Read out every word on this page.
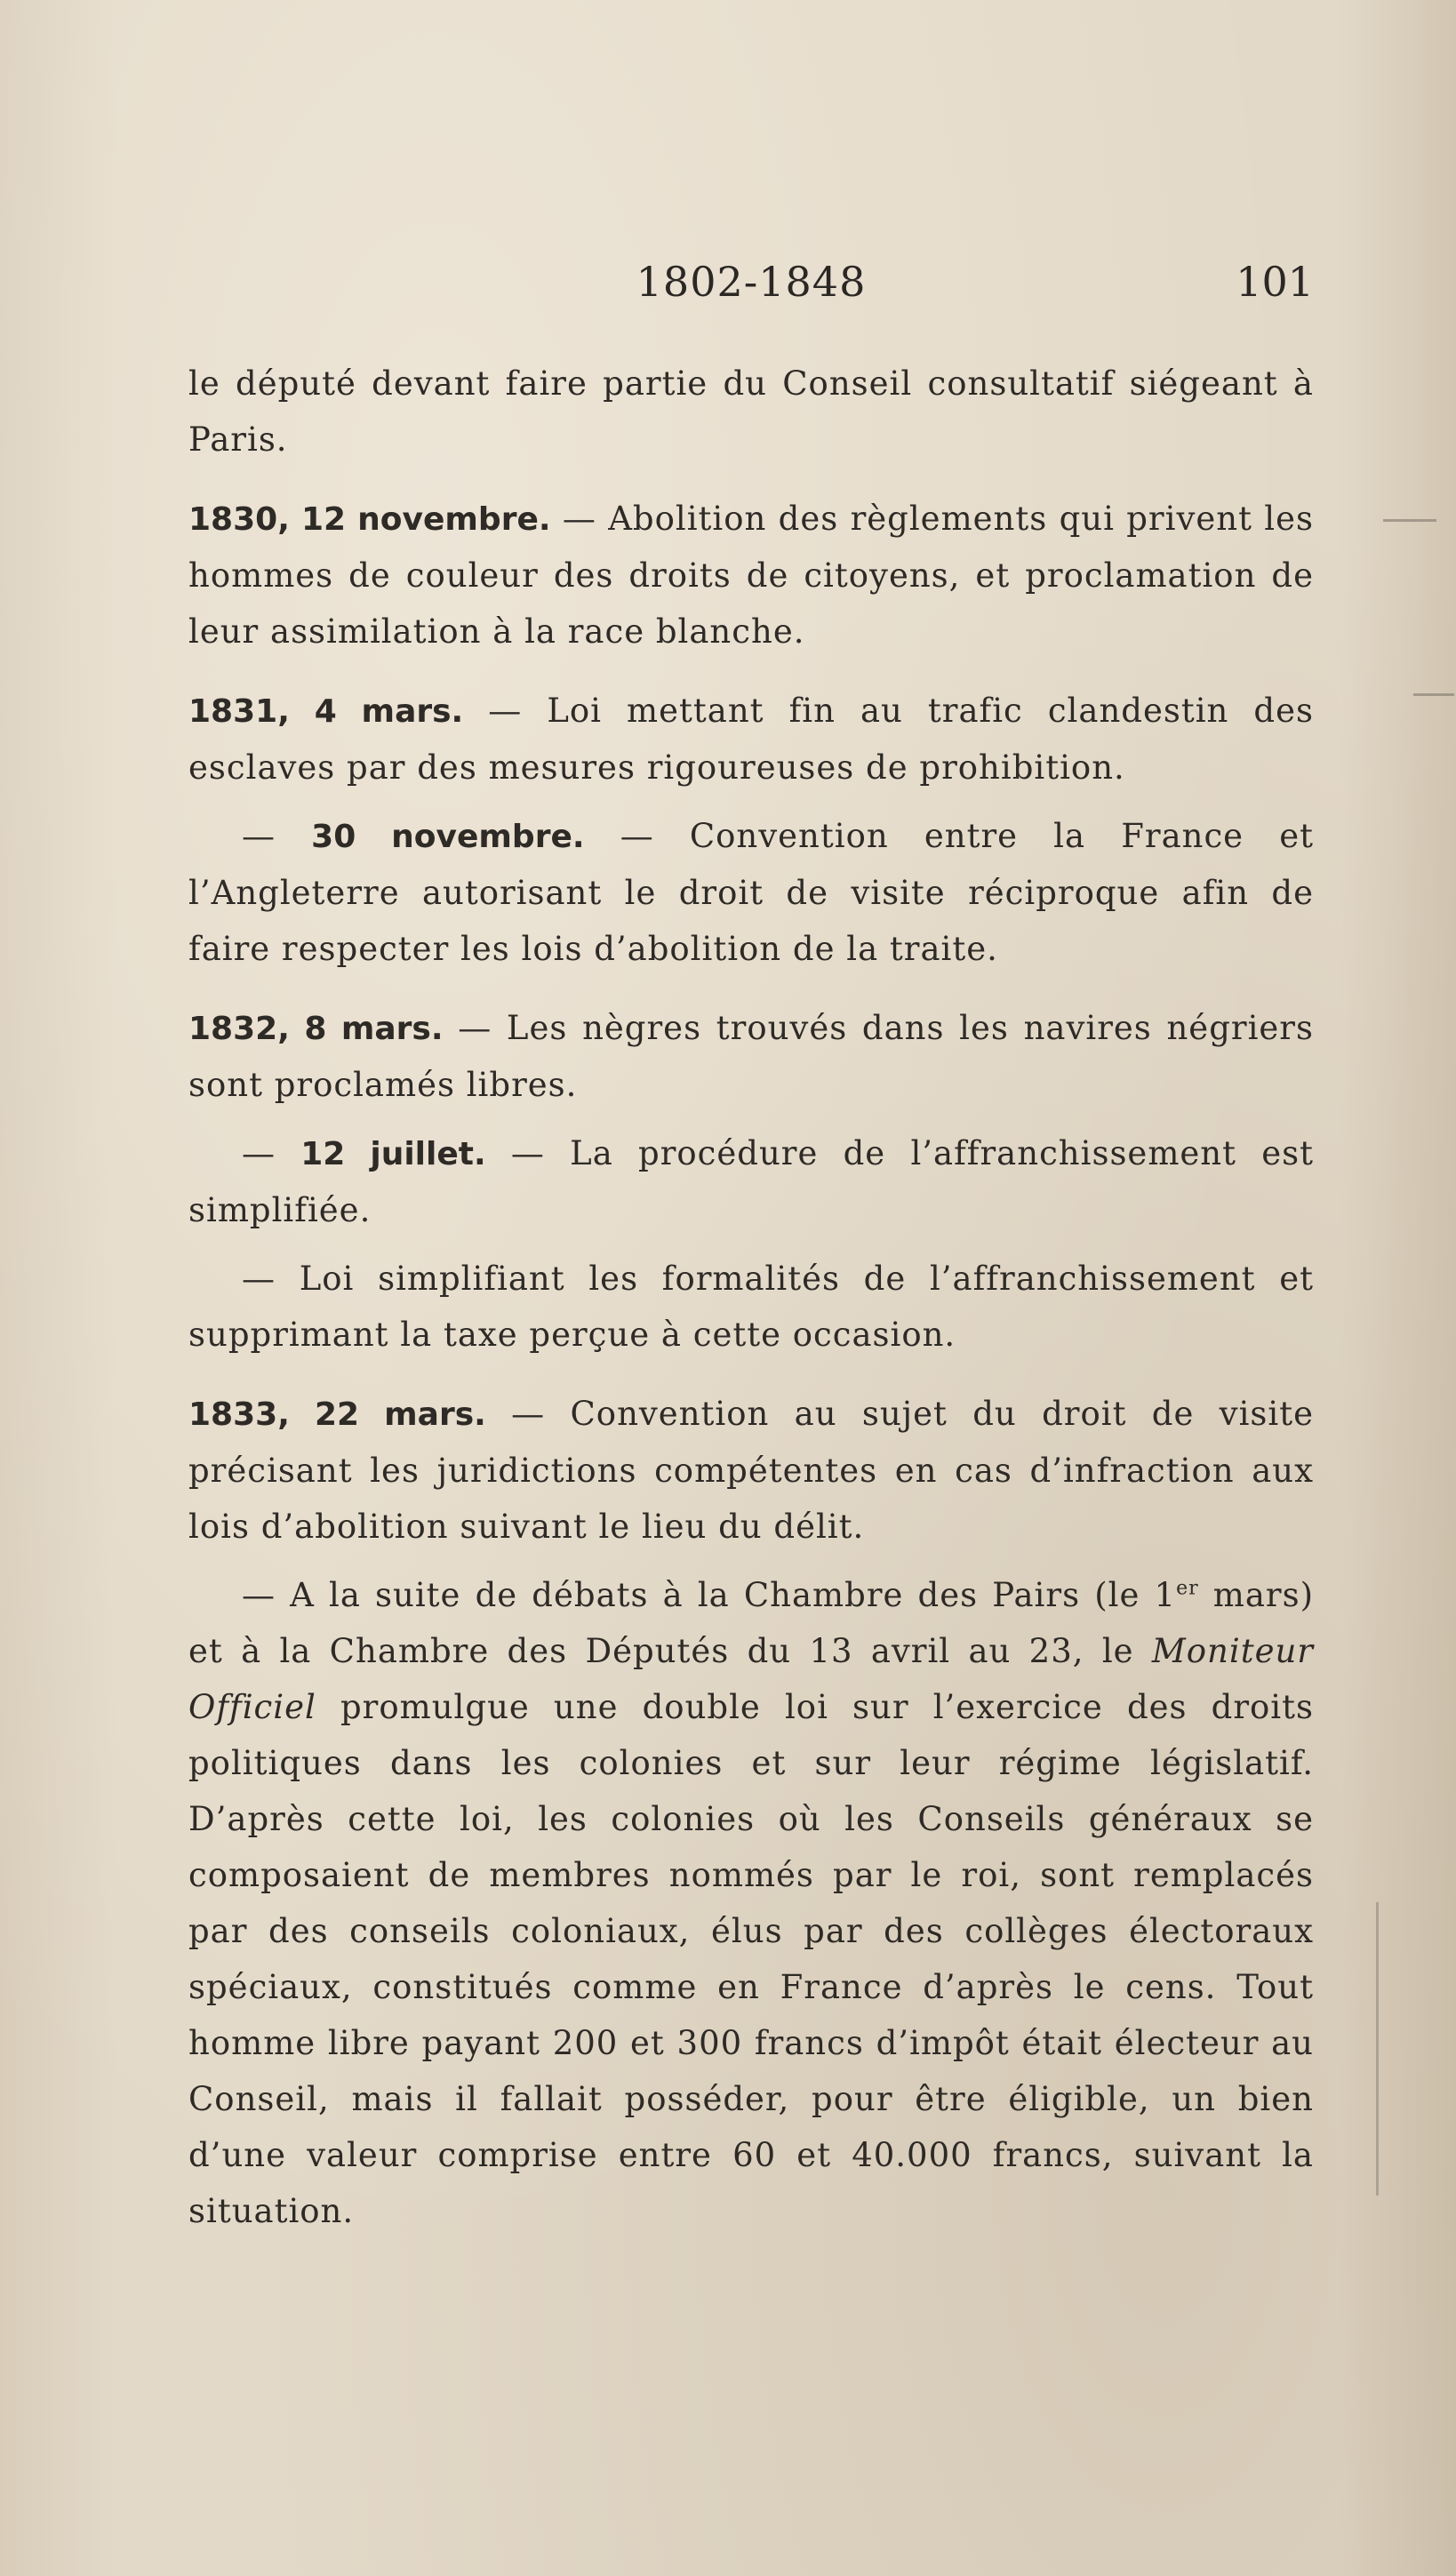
1802-1848	101

le député devant faire partie du Conseil consultatif siégeant à Paris.

1830, 12 novembre. — Abolition des règlements qui privent les hommes de couleur des droits de citoyens, et proclamation de leur assimilation à la race blanche.

1831, 4 mars. — Loi mettant fin au trafic clandestin des esclaves par des mesures rigoureuses de prohibition.

— 30 novembre. — Convention entre la France et l’Angleterre autorisant le droit de visite réciproque afin de faire respecter les lois d’abolition de la traite.

1832, 8 mars. — Les nègres trouvés dans les navires négriers sont proclamés libres.

— 12 juillet. — La procédure de l’affranchissement est simplifiée.

— Loi simplifiant les formalités de l’affranchissement et supprimant la taxe perçue à cette occasion.

1833, 22 mars. — Convention au sujet du droit de visite précisant les juridictions compétentes en cas d’infraction aux lois d’abolition suivant le lieu du délit.

— A la suite de débats à la Chambre des Pairs (le 1er mars) et à la Chambre des Députés du 13 avril au 23, le Moniteur Officiel promulgue une double loi sur l’exercice des droits politiques dans les colonies et sur leur régime législatif. D’après cette loi, les colonies où les Conseils généraux se composaient de membres nommés par le roi, sont remplacés par des conseils coloniaux, élus par des collèges électoraux spéciaux, constitués comme en France d’après le cens. Tout homme libre payant 200 et 300 francs d’impôt était électeur au Conseil, mais il fallait posséder, pour être éligible, un bien d’une valeur comprise entre 60 et 40.000 francs, suivant la situation.
